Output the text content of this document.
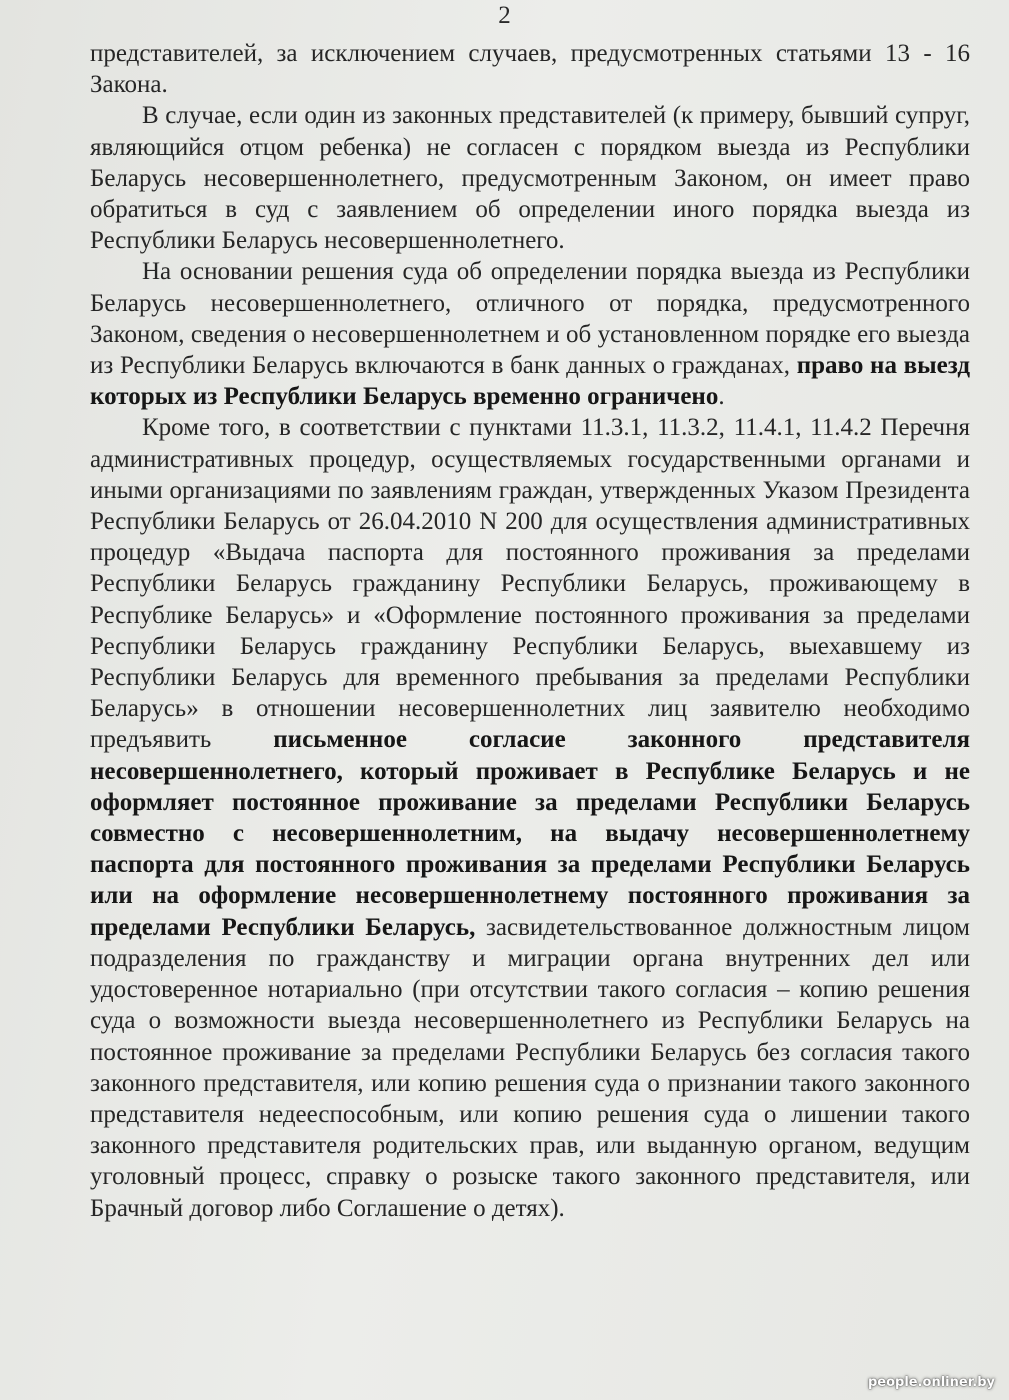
2

представителей, за исключением случаев, предусмотренных статьями 13 - 16 Закона.

В случае, если один из законных представителей (к примеру, бывший супруг, являющийся отцом ребенка) не согласен с порядком выезда из Республики Беларусь несовершеннолетнего, предусмотренным Законом, он имеет право обратиться в суд с заявлением об определении иного порядка выезда из Республики Беларусь несовершеннолетнего.

На основании решения суда об определении порядка выезда из Республики Беларусь несовершеннолетнего, отличного от порядка, предусмотренного Законом, сведения о несовершеннолетнем и об установленном порядке его выезда из Республики Беларусь включаются в банк данных о гражданах, право на выезд которых из Республики Беларусь временно ограничено.

Кроме того, в соответствии с пунктами 11.3.1, 11.3.2, 11.4.1, 11.4.2 Перечня административных процедур, осуществляемых государственными органами и иными организациями по заявлениям граждан, утвержденных Указом Президента Республики Беларусь от 26.04.2010 N 200 для осуществления административных процедур «Выдача паспорта для постоянного проживания за пределами Республики Беларусь гражданину Республики Беларусь, проживающему в Республике Беларусь» и «Оформление постоянного проживания за пределами Республики Беларусь гражданину Республики Беларусь, выехавшему из Республики Беларусь для временного пребывания за пределами Республики Беларусь» в отношении несовершеннолетних лиц заявителю необходимо предъявить письменное согласие законного представителя несовершеннолетнего, который проживает в Республике Беларусь и не оформляет постоянное проживание за пределами Республики Беларусь совместно с несовершеннолетним, на выдачу несовершеннолетнему паспорта для постоянного проживания за пределами Республики Беларусь или на оформление несовершеннолетнему постоянного проживания за пределами Республики Беларусь, засвидетельствованное должностным лицом подразделения по гражданству и миграции органа внутренних дел или удостоверенное нотариально (при отсутствии такого согласия – копию решения суда о возможности выезда несовершеннолетнего из Республики Беларусь на постоянное проживание за пределами Республики Беларусь без согласия такого законного представителя, или копию решения суда о признании такого законного представителя недееспособным, или копию решения суда о лишении такого законного представителя родительских прав, или выданную органом, ведущим уголовный процесс, справку о розыске такого законного представителя, или Брачный договор либо Соглашение о детях).

people.onliner.by
